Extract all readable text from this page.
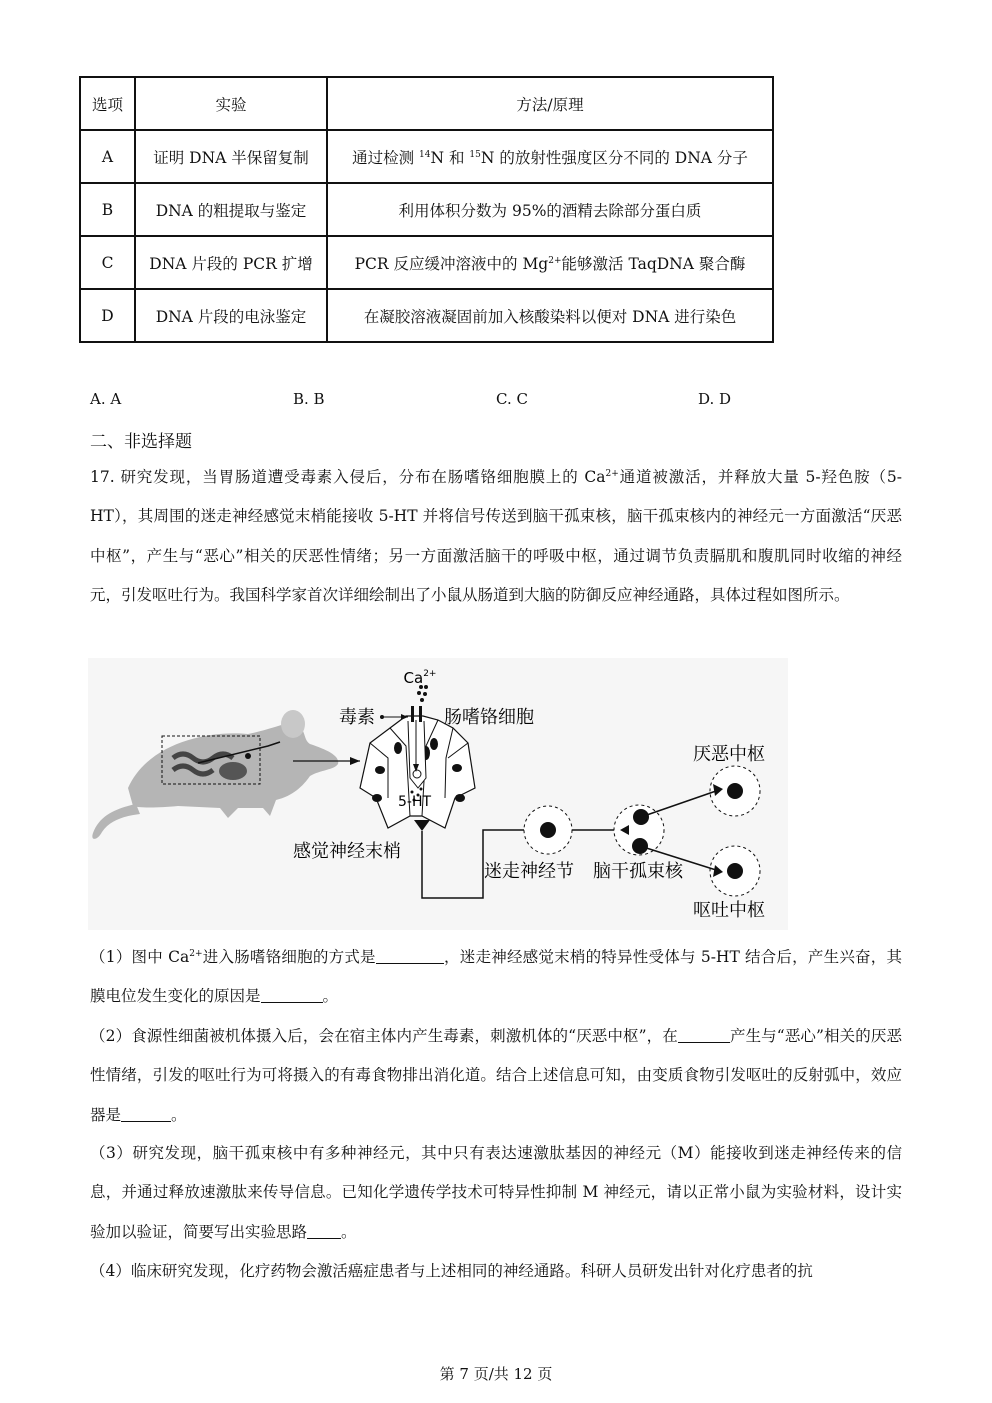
选项	实验	方法/原理
A	证明 DNA 半保留复制	通过检测 $^{14}$N 和 $^{15}$N 的放射性强度区分不同的 DNA 分子
B	DNA 的粗提取与鉴定	利用体积分数为 95%的酒精去除部分蛋白质
C	DNA 片段的 PCR 扩增	PCR 反应缓冲溶液中的 $Mg^{2+}$能够激活 TaqDNA 聚合酶
D	DNA 片段的电泳鉴定	在凝胶溶液凝固前加入核酸染料以便对 DNA 进行染色
A. A	B. B	C. C	D. D
二、非选择题
17. 研究发现，当胃肠道遭受毒素入侵后，分布在肠嗜铬细胞膜上的 $Ca^{2+}$通道被激活，并释放大量 5-羟色胺（5-HT），其周围的迷走神经感觉末梢能接收 5-HT 并将信号传送到脑干孤束核，脑干孤束核内的神经元一方面激活“厌恶中枢”，产生与“恶心”相关的厌恶性情绪；另一方面激活脑干的呼吸中枢，通过调节负责膈肌和腹肌同时收缩的神经元，引发呕吐行为。我国科学家首次详细绘制出了小鼠从肠道到大脑的防御反应神经通路，具体过程如图所示。
$Ca^{2+}$
毒素	肠嗜铬细胞
5-HT
感觉神经末梢
迷走神经节 脑干孤束核
厌恶中枢
呕吐中枢
（1）图中 $Ca^{2+}$进入肠嗜铬细胞的方式是	，迷走神经感觉末梢的特异性受体与 5-HT 结合后，产生兴奋，其膜电位发生变化的原因是	。
（2）食源性细菌被机体摄入后，会在宿主体内产生毒素，刺激机体的“厌恶中枢”，在	产生与“恶心”相关的厌恶性情绪，引发的呕吐行为可将摄入的有毒食物排出消化道。结合上述信息可知，由变质食物引发呕吐的反射弧中，效应器是	。
（3）研究发现，脑干孤束核中有多种神经元，其中只有表达速激肽基因的神经元（M）能接收到迷走神经传来的信息，并通过释放速激肽来传导信息。已知化学遗传学技术可特异性抑制 M 神经元，请以正常小鼠为实验材料，设计实验加以验证，简要写出实验思路 。
（4）临床研究发现，化疗药物会激活癌症患者与上述相同的神经通路。科研人员研发出针对化疗患者的抗
第 7 页/共 12 页
